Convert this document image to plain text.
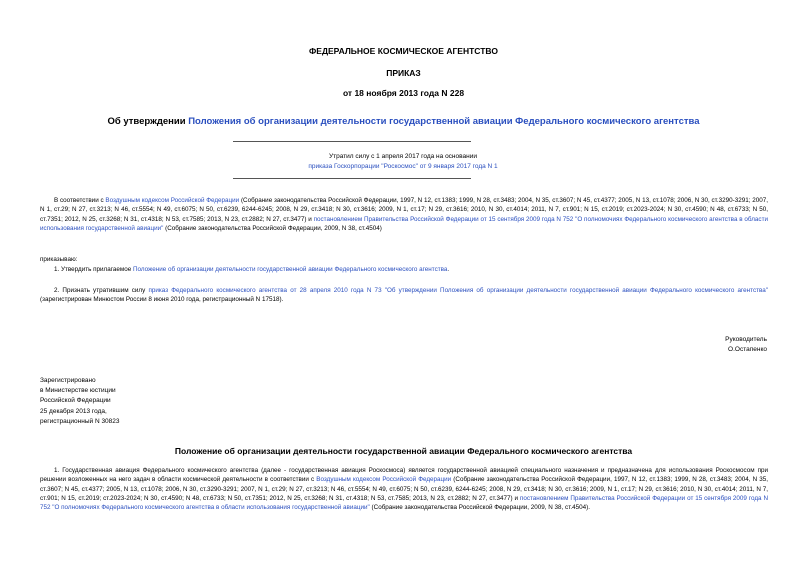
ФЕДЕРАЛЬНОЕ КОСМИЧЕСКОЕ АГЕНТСТВО
ПРИКАЗ
от 18 ноября 2013 года N 228
Об утверждении Положения об организации деятельности государственной авиации Федерального космического агентства
Утратил силу с 1 апреля 2017 года на основании
приказа Госкорпорации "Роскосмос" от 9 января 2017 года N 1
В соответствии с Воздушным кодексом Российской Федерации (Собрание законодательства Российской Федерации, 1997, N 12, ст.1383; 1999, N 28, ст.3483; 2004, N 35, ст.3607; N 45, ст.4377; 2005, N 13, ст.1078; 2006, N 30, ст.3290-3291; 2007, N 1, ст.29; N 27, ст.3213; N 46, ст.5554; N 49, ст.6075; N 50, ст.6239, 6244-6245; 2008, N 29, ст.3418; N 30, ст.3616; 2009, N 1, ст.17; N 29, ст.3616; 2010, N 30, ст.4014; 2011, N 7, ст.901; N 15, ст.2019; ст.2023-2024; N 30, ст.4590; N 48, ст.6733; N 50, ст.7351; 2012, N 25, ст.3268; N 31, ст.4318; N 53, ст.7585; 2013, N 23, ст.2882; N 27, ст.3477) и постановлением Правительства Российской Федерации от 15 сентября 2009 года N 752 "О полномочиях Федерального космического агентства в области использования государственной авиации" (Собрание законодательства Российской Федерации, 2009, N 38, ст.4504)
приказываю:
1. Утвердить прилагаемое Положение об организации деятельности государственной авиации Федерального космического агентства.
2. Признать утратившим силу приказ Федерального космического агентства от 28 апреля 2010 года N 73 "Об утверждении Положения об организации деятельности государственной авиации Федерального космического агентства" (зарегистрирован Минюстом России 8 июня 2010 года, регистрационный N 17518).
Руководитель
О.Остапенко
Зарегистрировано
в Министерстве юстиции
Российской Федерации
25 декабря 2013 года,
регистрационный N 30823
Положение об организации деятельности государственной авиации Федерального космического агентства
1. Государственная авиация Федерального космического агентства (далее - государственная авиация Роскосмоса) является государственной авиацией специального назначения и предназначена для использования Роскосмосом при решении возложенных на него задач в области космической деятельности в соответствии с Воздушным кодексом Российской Федерации (Собрание законодательства Российской Федерации, 1997, N 12, ст.1383; 1999, N 28, ст.3483; 2004, N 35, ст.3607; N 45, ст.4377; 2005, N 13, ст.1078; 2006, N 30, ст.3290-3291; 2007, N 1, ст.29; N 27, ст.3213; N 46, ст.5554; N 49, ст.6075; N 50, ст.6239, 6244-6245; 2008, N 29, ст.3418; N 30, ст.3616; 2009, N 1, ст.17; N 29, ст.3616; 2010, N 30, ст.4014; 2011, N 7, ст.901; N 15, ст.2019; ст.2023-2024; N 30, ст.4590; N 48, ст.6733; N 50, ст.7351; 2012, N 25, ст.3268; N 31, ст.4318; N 53, ст.7585; 2013, N 23, ст.2882; N 27, ст.3477) и постановлением Правительства Российской Федерации от 15 сентября 2009 года N 752 "О полномочиях Федерального космического агентства в области использования государственной авиации" (Собрание законодательства Российской Федерации, 2009, N 38, ст.4504).
